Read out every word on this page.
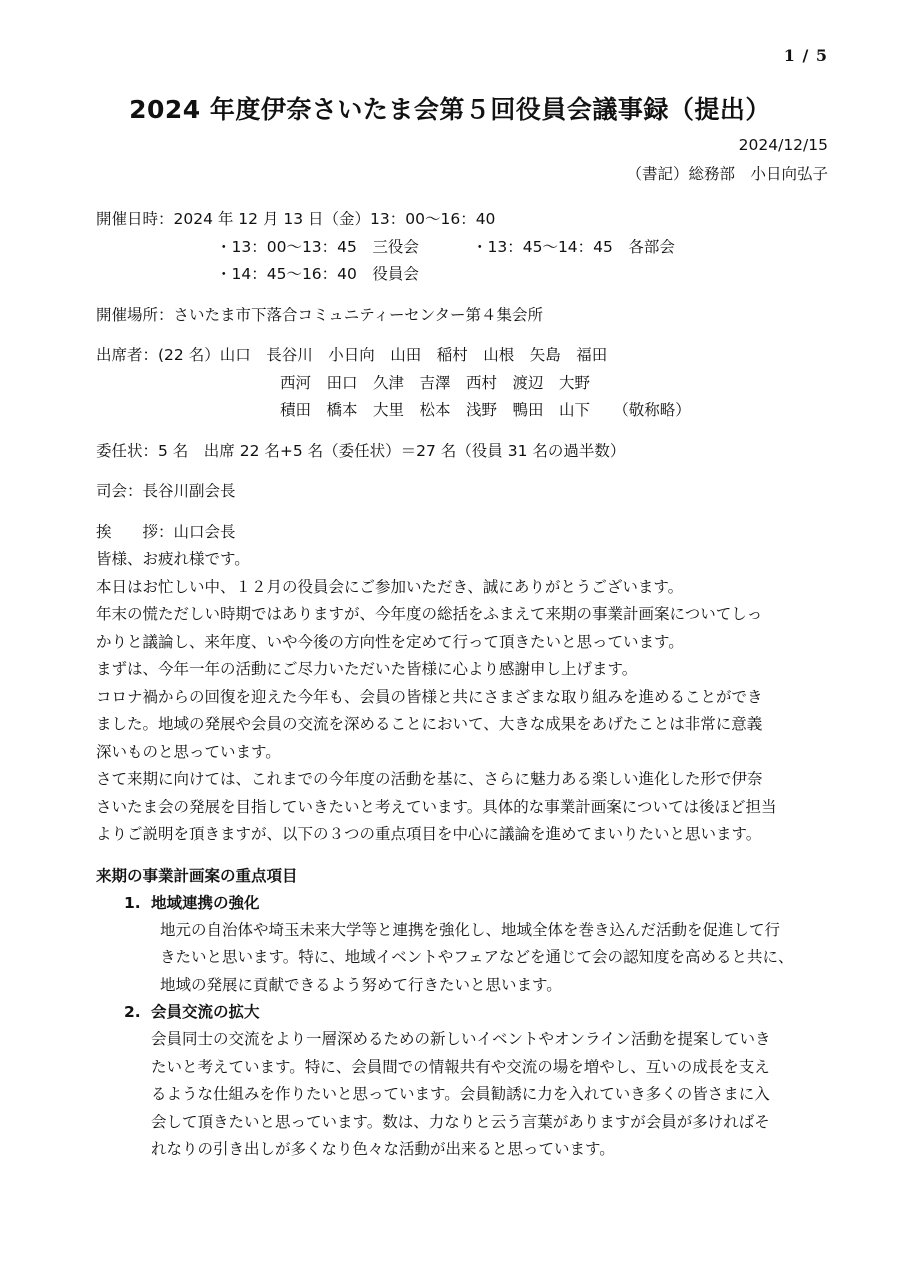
1 / 5
2024 年度伊奈さいたま会第５回役員会議事録（提出）
2024/12/15
（書記）総務部　小日向弘子
開催日時：2024 年 12 月 13 日（金）13：00～16：40
・13：00～13：45　三役会	・13：45～14：45　各部会
・14：45～16：40　役員会
開催場所：さいたま市下落合コミュニティーセンター第４集会所
出席者：(22 名）山口　長谷川　小日向　山田　稲村　山根　矢島　福田
西河　田口　久津　吉澤　西村　渡辺　大野
積田　橋本　大里　松本　浅野　鴨田　山下　　（敬称略）
委任状：5 名　出席 22 名+5 名（委任状）＝27 名（役員 31 名の過半数）
司会：長谷川副会長
挨　　拶：山口会長
皆様、お疲れ様です。
本日はお忙しい中、１２月の役員会にご参加いただき、誠にありがとうございます。
年末の慌ただしい時期ではありますが、今年度の総括をふまえて来期の事業計画案についてしっ
かりと議論し、来年度、いや今後の方向性を定めて行って頂きたいと思っています。
まずは、今年一年の活動にご尽力いただいた皆様に心より感謝申し上げます。
コロナ禍からの回復を迎えた今年も、会員の皆様と共にさまざまな取り組みを進めることができ
ました。地域の発展や会員の交流を深めることにおいて、大きな成果をあげたことは非常に意義
深いものと思っています。
さて来期に向けては、これまでの今年度の活動を基に、さらに魅力ある楽しい進化した形で伊奈
さいたま会の発展を目指していきたいと考えています。具体的な事業計画案については後ほど担当
よりご説明を頂きますが、以下の３つの重点項目を中心に議論を進めてまいりたいと思います。
来期の事業計画案の重点項目
1. 地域連携の強化
地元の自治体や埼玉未来大学等と連携を強化し、地域全体を巻き込んだ活動を促進して行
きたいと思います。特に、地域イベントやフェアなどを通じて会の認知度を高めると共に、
地域の発展に貢献できるよう努めて行きたいと思います。
2. 会員交流の拡大
会員同士の交流をより一層深めるための新しいイベントやオンライン活動を提案していき
たいと考えています。特に、会員間での情報共有や交流の場を増やし、互いの成長を支え
るような仕組みを作りたいと思っています。会員勧誘に力を入れていき多くの皆さまに入
会して頂きたいと思っています。数は、力なりと云う言葉がありますが会員が多ければそ
れなりの引き出しが多くなり色々な活動が出来ると思っています。
